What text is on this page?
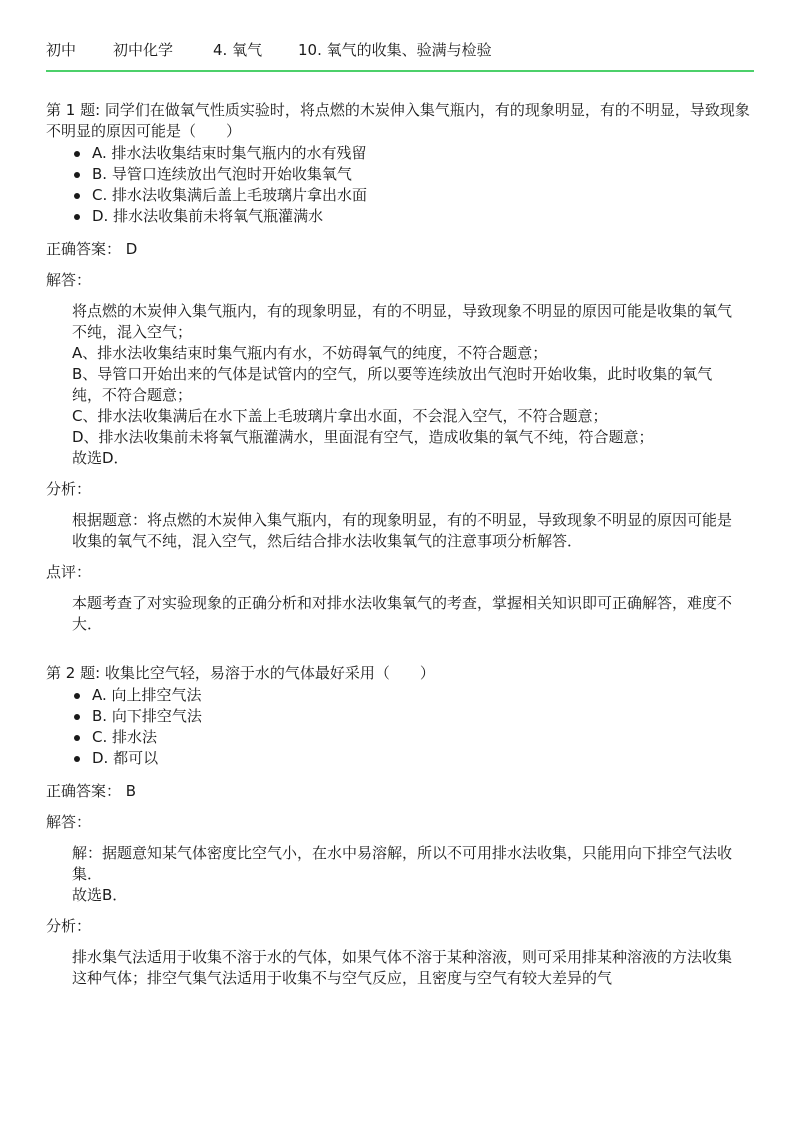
初中 初中化学	4. 氧气 10. 氧气的收集、验满与检验

第 1 题: 同学们在做氧气性质实验时，将点燃的木炭伸入集气瓶内，有的现象明显，有的不明显，导致现象不明显的原因可能是（　　）

A. 排水法收集结束时集气瓶内的水有残留
B. 导管口连续放出气泡时开始收集氧气
C. 排水法收集满后盖上毛玻璃片拿出水面
D. 排水法收集前未将氧气瓶灌满水

正确答案： D

解答：

将点燃的木炭伸入集气瓶内，有的现象明显，有的不明显，导致现象不明显的原因可能是收集的氧气不纯，混入空气；

A、排水法收集结束时集气瓶内有水，不妨碍氧气的纯度，不符合题意；

B、导管口开始出来的气体是试管内的空气，所以要等连续放出气泡时开始收集，此时收集的氧气纯，不符合题意；

C、排水法收集满后在水下盖上毛玻璃片拿出水面，不会混入空气，不符合题意；

D、排水法收集前未将氧气瓶灌满水，里面混有空气，造成收集的氧气不纯，符合题意；

故选D．

分析：

根据题意：将点燃的木炭伸入集气瓶内，有的现象明显，有的不明显，导致现象不明显的原因可能是收集的氧气不纯，混入空气，然后结合排水法收集氧气的注意事项分析解答．

点评：

本题考查了对实验现象的正确分析和对排水法收集氧气的考查，掌握相关知识即可正确解答，难度不大．

第 2 题: 收集比空气轻，易溶于水的气体最好采用（　　）

A. 向上排空气法
B. 向下排空气法
C. 排水法
D. 都可以

正确答案： B

解答：

解：据题意知某气体密度比空气小，在水中易溶解，所以不可用排水法收集，只能用向下排空气法收集．

故选B．

分析：

排水集气法适用于收集不溶于水的气体，如果气体不溶于某种溶液，则可采用排某种溶液的方法收集这种气体；排空气集气法适用于收集不与空气反应，且密度与空气有较大差异的气
